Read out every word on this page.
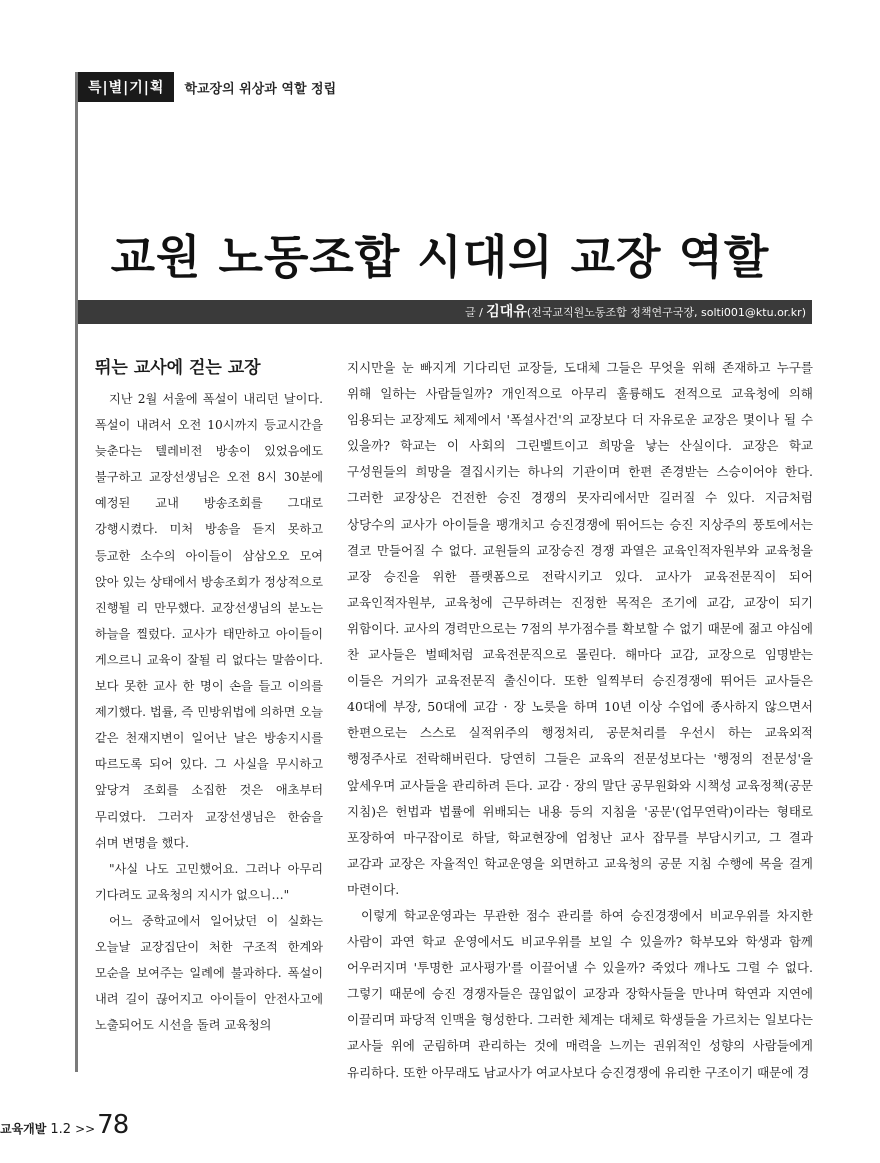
특|별|기|획	학교장의 위상과 역할 정립
교원 노동조합 시대의 교장 역할
글 / 김대유(전국교직원노동조합 정책연구국장, solti001@ktu.or.kr)
뛰는 교사에 걷는 교장

지난 2월 서울에 폭설이 내리던 날이다. 폭설이 내려서 오전 10시까지 등교시간을 늦춘다는 텔레비전 방송이 있었음에도 불구하고 교장선생님은 오전 8시 30분에 예정된 교내 방송조회를 그대로 강행시켰다. 미처 방송을 듣지 못하고 등교한 소수의 아이들이 삼삼오오 모여 앉아 있는 상태에서 방송조회가 정상적으로 진행될 리 만무했다. 교장선생님의 분노는 하늘을 찔렀다. 교사가 태만하고 아이들이 게으르니 교육이 잘될 리 없다는 말씀이다. 보다 못한 교사 한 명이 손을 들고 이의를 제기했다. 법률, 즉 민방위법에 의하면 오늘 같은 천재지변이 일어난 날은 방송지시를 따르도록 되어 있다. 그 사실을 무시하고 앞당겨 조회를 소집한 것은 애초부터 무리였다. 그러자 교장선생님은 한숨을 쉬며 변명을 했다.

"사실 나도 고민했어요. 그러나 아무리 기다려도 교육청의 지시가 없으니…"

어느 중학교에서 일어났던 이 실화는 오늘날 교장집단이 처한 구조적 한계와 모순을 보여주는 일례에 불과하다. 폭설이 내려 길이 끊어지고 아이들이 안전사고에 노출되어도 시선을 돌려 교육청의

지시만을 눈 빠지게 기다리던 교장들, 도대체 그들은 무엇을 위해 존재하고 누구를 위해 일하는 사람들일까? 개인적으로 아무리 훌륭해도 전적으로 교육청에 의해 임용되는 교장제도 체제에서 '폭설사건'의 교장보다 더 자유로운 교장은 몇이나 될 수 있을까? 학교는 이 사회의 그린벨트이고 희망을 낳는 산실이다. 교장은 학교 구성원들의 희망을 결집시키는 하나의 기관이며 한편 존경받는 스승이어야 한다. 그러한 교장상은 건전한 승진 경쟁의 못자리에서만 길러질 수 있다. 지금처럼 상당수의 교사가 아이들을 팽개치고 승진경쟁에 뛰어드는 승진 지상주의 풍토에서는 결코 만들어질 수 없다. 교원들의 교장승진 경쟁 과열은 교육인적자원부와 교육청을 교장 승진을 위한 플랫폼으로 전락시키고 있다. 교사가 교육전문직이 되어 교육인적자원부, 교육청에 근무하려는 진정한 목적은 조기에 교감, 교장이 되기 위함이다. 교사의 경력만으로는 7점의 부가점수를 확보할 수 없기 때문에 젊고 야심에 찬 교사들은 벌떼처럼 교육전문직으로 몰린다. 해마다 교감, 교장으로 임명받는 이들은 거의가 교육전문직 출신이다. 또한 일찍부터 승진경쟁에 뛰어든 교사들은 40대에 부장, 50대에 교감 · 장 노릇을 하며 10년 이상 수업에 종사하지 않으면서 한편으로는 스스로 실적위주의 행정처리, 공문처리를 우선시 하는 교육외적 행정주사로 전락해버린다. 당연히 그들은 교육의 전문성보다는 '행정의 전문성'을 앞세우며 교사들을 관리하려 든다. 교감 · 장의 말단 공무원화와 시책성 교육정책(공문 지침)은 헌법과 법률에 위배되는 내용 등의 지침을 '공문'(업무연락)이라는 형태로 포장하여 마구잡이로 하달, 학교현장에 엄청난 교사 잡무를 부담시키고, 그 결과 교감과 교장은 자율적인 학교운영을 외면하고 교육청의 공문 지침 수행에 목을 걸게 마련이다.

이렇게 학교운영과는 무관한 점수 관리를 하여 승진경쟁에서 비교우위를 차지한 사람이 과연 학교 운영에서도 비교우위를 보일 수 있을까? 학부모와 학생과 함께 어우러지며 '투명한 교사평가'를 이끌어낼 수 있을까? 죽었다 깨나도 그럴 수 없다. 그렇기 때문에 승진 경쟁자들은 끊임없이 교장과 장학사들을 만나며 학연과 지연에 이끌리며 파당적 인맥을 형성한다. 그러한 체계는 대체로 학생들을 가르치는 일보다는 교사들 위에 군림하며 관리하는 것에 매력을 느끼는 권위적인 성향의 사람들에게 유리하다. 또한 아무래도 남교사가 여교사보다 승진경쟁에 유리한 구조이기 때문에 경

교육개발 1.2 >> 78
